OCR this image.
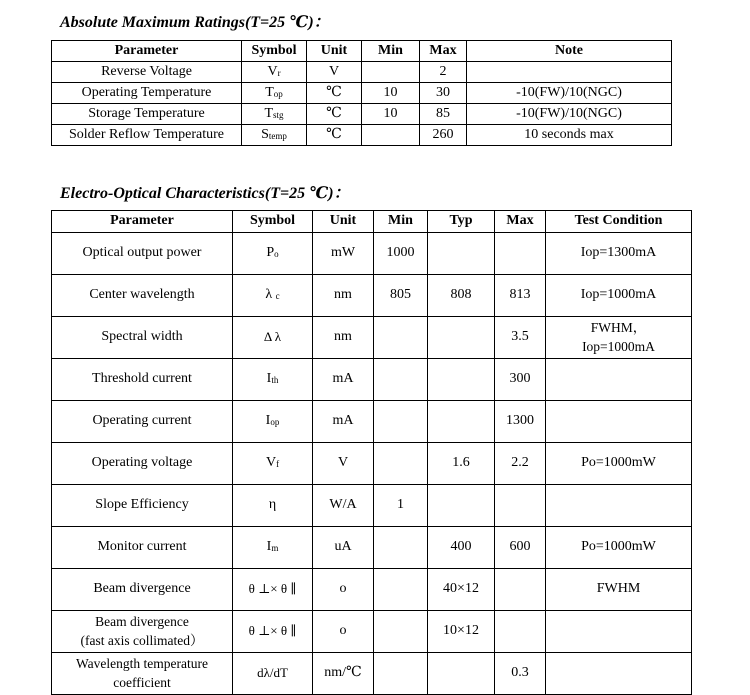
Absolute Maximum Ratings(T=25 ℃)：
Parameter	Symbol	Unit	Min	Max	Note
Reverse Voltage	$V_r$	V		2	
Operating Temperature	$T_{op}$	℃	10	30	-10(FW)/10(NGC)
Storage Temperature	$T_{stg}$	℃	10	85	-10(FW)/10(NGC)
Solder Reflow Temperature	$S_{temp}$	℃		260	10 seconds max
Electro-Optical Characteristics(T=25 ℃)：
Parameter	Symbol	Unit	Min	Typ	Max	Test Condition
Optical output power	$P_o$	mW	1000			Iop=1300mA
Center wavelength	λ $_c$	nm	805	808	813	Iop=1000mA
Spectral width	Δ λ	nm			3.5	FWHM，
Iop=1000mA

Threshold current	$I_{th}$	mA			300	
Operating current	$I_{op}$	mA			1300	
Operating voltage	$V_f$	V		1.6	2.2	Po=1000mW
Slope Efficiency	η	W/A	1			
Monitor current	$I_m$	uA		400	600	Po=1000mW
Beam divergence	θ ⊥× θ ∥	o		40×12		FWHM

Beam divergence
(fast axis collimated）	θ ⊥× θ ∥	o		10×12		

Wavelength temperature
coefficient	dλ/dT	nm/℃			0.3	
